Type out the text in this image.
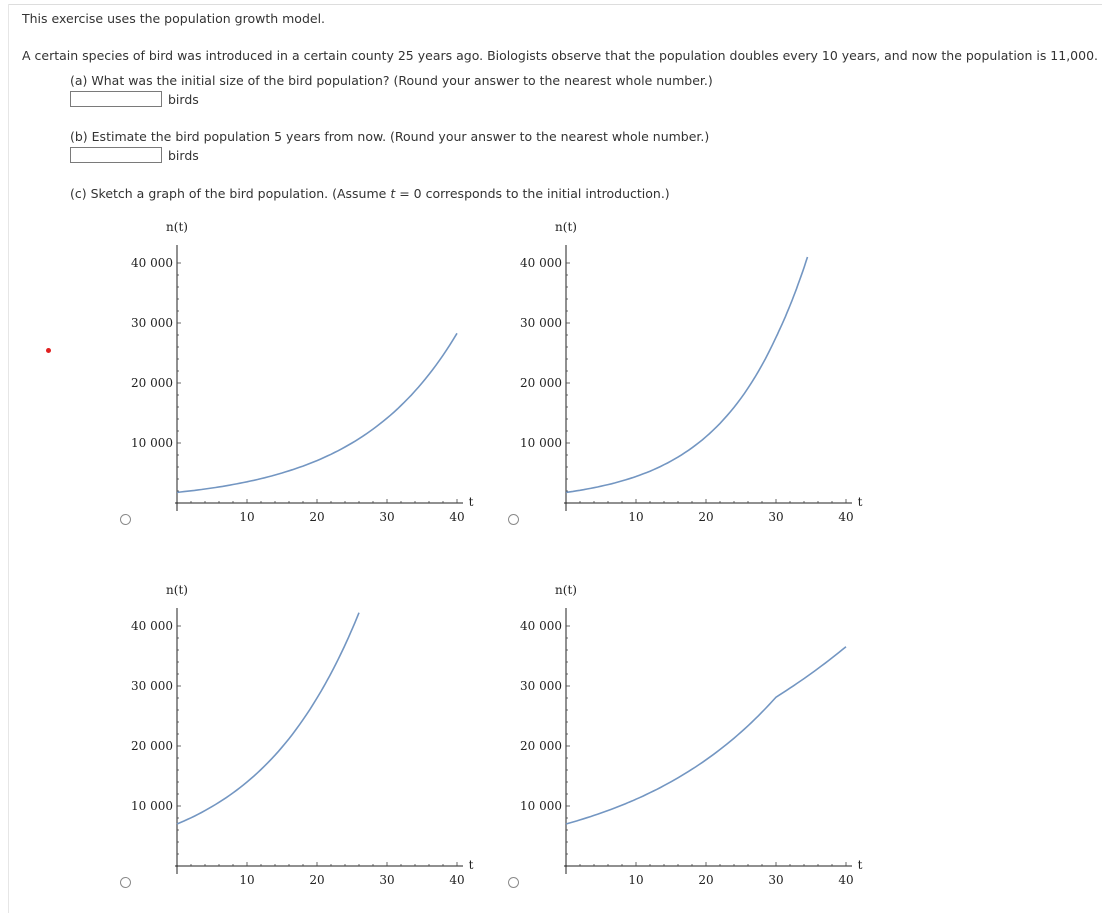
This exercise uses the population growth model.
A certain species of bird was introduced in a certain county 25 years ago. Biologists observe that the population doubles every 10 years, and now the population is 11,000.
(a) What was the initial size of the bird population? (Round your answer to the nearest whole number.)
birds
(b) Estimate the bird population 5 years from now. (Round your answer to the nearest whole number.)
birds
(c) Sketch a graph of the bird population. (Assume t = 0 corresponds to the initial introduction.)
10	20	30	40
10 000
20 000
30 000
40 000
t
n(t)
10	20	30	40
10 000
20 000
30 000
40 000
t
n(t)
10	20	30	40
10 000
20 000
30 000
40 000
t
n(t)
10	20	30	40
10 000
20 000
30 000
40 000
t
n(t)
